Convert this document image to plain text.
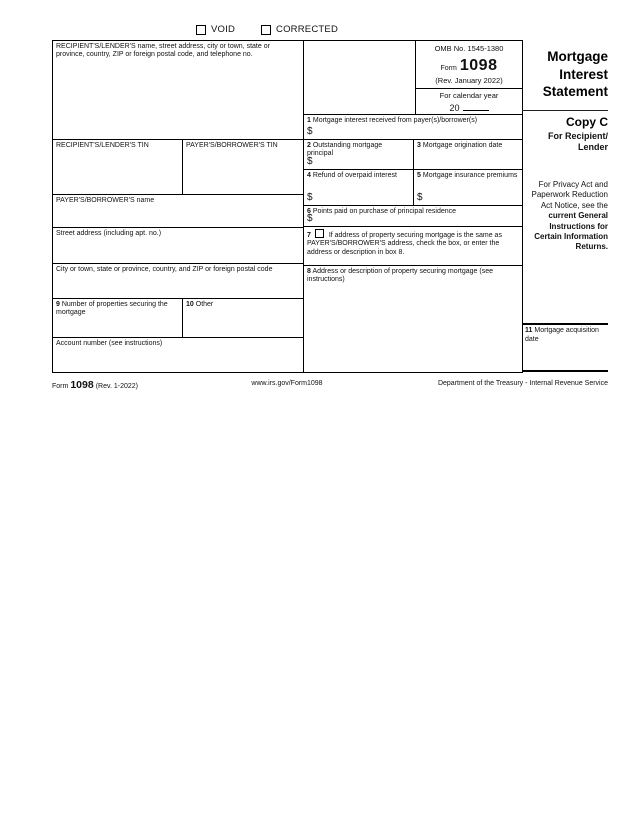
VOID	CORRECTED
RECIPIENT'S/LENDER'S name, street address, city or town, state or province, country, ZIP or foreign postal code, and telephone no.
RECIPIENT'S/LENDER'S TIN	PAYER'S/BORROWER'S TIN
PAYER'S/BORROWER'S name
Street address (including apt. no.)
City or town, state or province, country, and ZIP or foreign postal code
9 Number of properties securing the mortgage
10 Other
Account number (see instructions)
OMB No. 1545-1380
Form 1098
(Rev. January 2022)
For calendar year
20
1 Mortgage interest received from payer(s)/borrower(s)
$
2 Outstanding mortgage principal
$
3 Mortgage origination date
4 Refund of overpaid interest
$
5 Mortgage insurance premiums
$
6 Points paid on purchase of principal residence
$
7	If address of property securing mortgage is the same as PAYER'S/BORROWER'S address, check the box, or enter the address or description in box 8.
8 Address or description of property securing mortgage (see instructions)
Mortgage Interest Statement
Copy C
For Recipient/ Lender
For Privacy Act and Paperwork Reduction Act Notice, see the current General Instructions for Certain Information Returns.
11 Mortgage acquisition date
Form 1098 (Rev. 1-2022)	www.irs.gov/Form1098	Department of the Treasury - Internal Revenue Service
